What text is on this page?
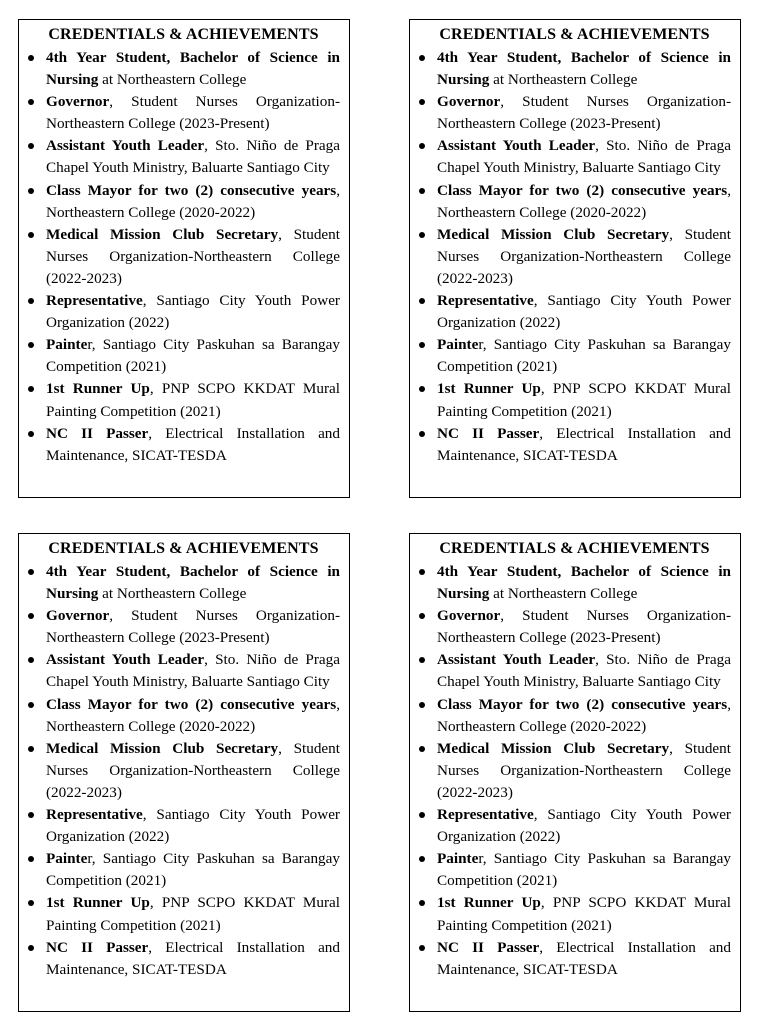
CREDENTIALS & ACHIEVEMENTS
4th Year Student, Bachelor of Science in Nursing at Northeastern College
Governor, Student Nurses Organization-Northeastern College (2023-Present)
Assistant Youth Leader, Sto. Niño de Praga Chapel Youth Ministry, Baluarte Santiago City
Class Mayor for two (2) consecutive years, Northeastern College (2020-2022)
Medical Mission Club Secretary, Student Nurses Organization-Northeastern College (2022-2023)
Representative, Santiago City Youth Power Organization (2022)
Painter, Santiago City Paskuhan sa Barangay Competition (2021)
1st Runner Up, PNP SCPO KKDAT Mural Painting Competition (2021)
NC II Passer, Electrical Installation and Maintenance, SICAT-TESDA
CREDENTIALS & ACHIEVEMENTS
4th Year Student, Bachelor of Science in Nursing at Northeastern College
Governor, Student Nurses Organization-Northeastern College (2023-Present)
Assistant Youth Leader, Sto. Niño de Praga Chapel Youth Ministry, Baluarte Santiago City
Class Mayor for two (2) consecutive years, Northeastern College (2020-2022)
Medical Mission Club Secretary, Student Nurses Organization-Northeastern College (2022-2023)
Representative, Santiago City Youth Power Organization (2022)
Painter, Santiago City Paskuhan sa Barangay Competition (2021)
1st Runner Up, PNP SCPO KKDAT Mural Painting Competition (2021)
NC II Passer, Electrical Installation and Maintenance, SICAT-TESDA
CREDENTIALS & ACHIEVEMENTS
4th Year Student, Bachelor of Science in Nursing at Northeastern College
Governor, Student Nurses Organization-Northeastern College (2023-Present)
Assistant Youth Leader, Sto. Niño de Praga Chapel Youth Ministry, Baluarte Santiago City
Class Mayor for two (2) consecutive years, Northeastern College (2020-2022)
Medical Mission Club Secretary, Student Nurses Organization-Northeastern College (2022-2023)
Representative, Santiago City Youth Power Organization (2022)
Painter, Santiago City Paskuhan sa Barangay Competition (2021)
1st Runner Up, PNP SCPO KKDAT Mural Painting Competition (2021)
NC II Passer, Electrical Installation and Maintenance, SICAT-TESDA
CREDENTIALS & ACHIEVEMENTS
4th Year Student, Bachelor of Science in Nursing at Northeastern College
Governor, Student Nurses Organization-Northeastern College (2023-Present)
Assistant Youth Leader, Sto. Niño de Praga Chapel Youth Ministry, Baluarte Santiago City
Class Mayor for two (2) consecutive years, Northeastern College (2020-2022)
Medical Mission Club Secretary, Student Nurses Organization-Northeastern College (2022-2023)
Representative, Santiago City Youth Power Organization (2022)
Painter, Santiago City Paskuhan sa Barangay Competition (2021)
1st Runner Up, PNP SCPO KKDAT Mural Painting Competition (2021)
NC II Passer, Electrical Installation and Maintenance, SICAT-TESDA
